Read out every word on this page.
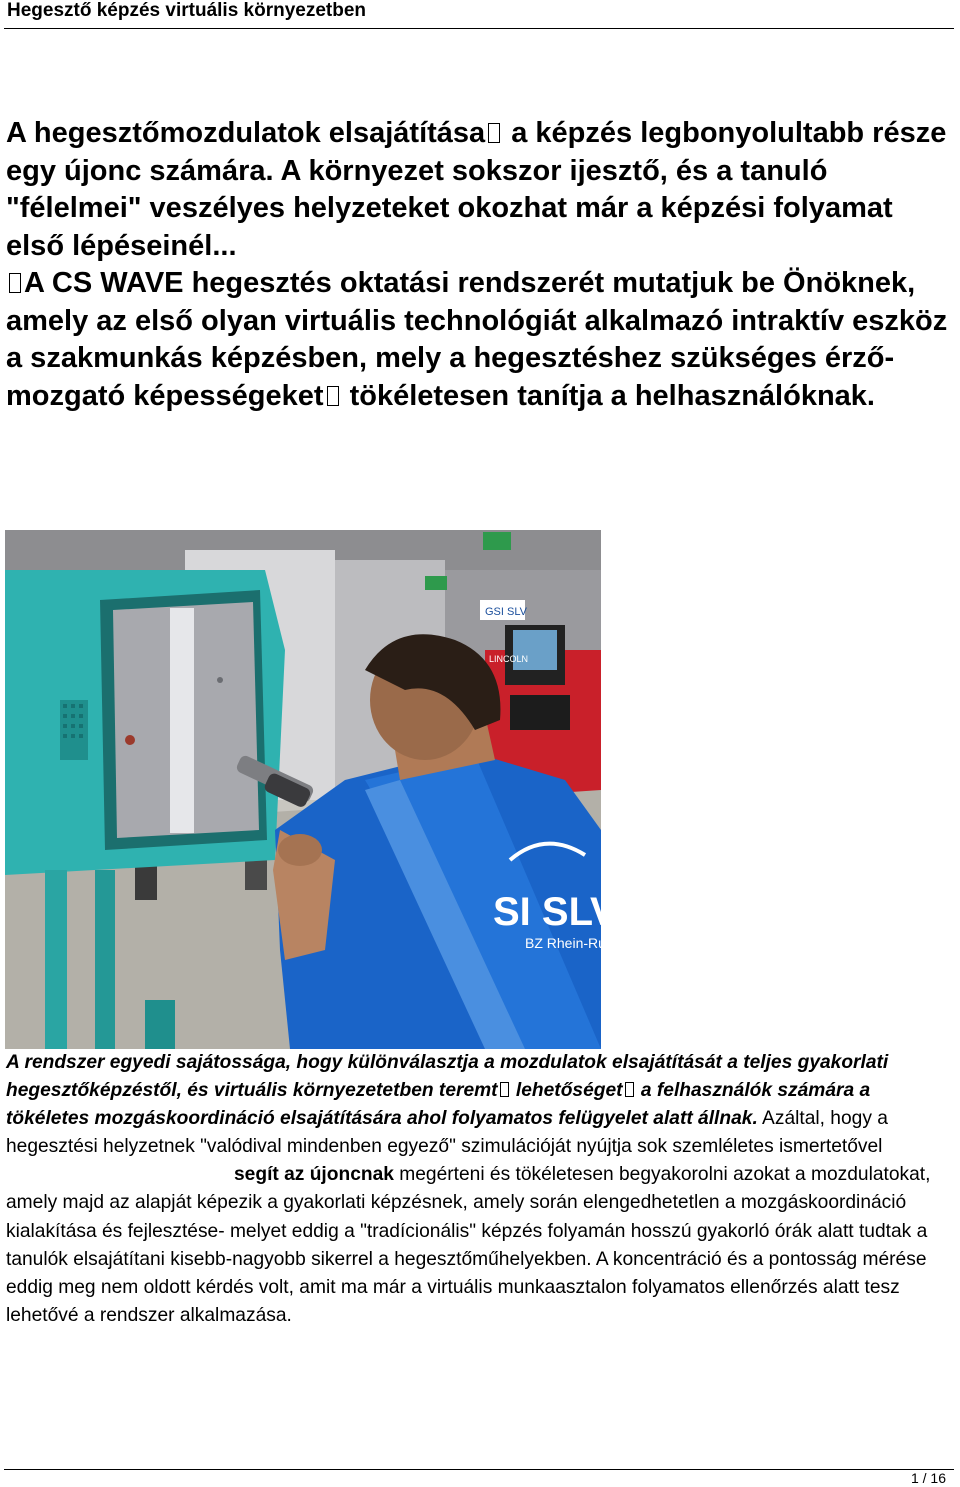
Hegesztő képzés virtuális környezetben

A hegesztőmozdulatok elsajátítása a képzés legbonyolultabb része egy újonc számára. A környezet sokszor ijesztő, és a tanuló "félelmei" veszélyes helyzeteket okozhat már a képzési folyamat első lépéseinél...

A CS WAVE hegesztés oktatási rendszerét mutatjuk be Önöknek, amely az első olyan virtuális technológiát alkalmazó intraktív eszköz a szakmunkás képzésben, mely a hegesztéshez szükséges érző-mozgató képességeket tökéletesen tanítja a helhasználóknak.

GSI SLV
LINCOLN
SI SLV
BZ Rhein-Ruhr

A rendszer egyedi sajátossága, hogy különválasztja a mozdulatok elsajátítását a teljes gyakorlati hegesztőképzéstől, és virtuális környezetetben teremt lehetőséget a felhasználók számára a tökéletes mozgáskoordináció elsajátítására ahol folyamatos felügyelet alatt állnak. Azáltal, hogy a hegesztési helyzetnek "valódival mindenben egyező" szimulációját nyújtja sok szemléletes ismertetővelsegít az újoncnak megérteni és tökéletesen begyakorolni azokat a mozdulatokat, amely majd az alapját képezik a gyakorlati képzésnek, amely során elengedhetetlen a mozgáskoordináció kialakítása és fejlesztése- melyet eddig a "tradícionális" képzés folyamán hosszú gyakorló órák alatt tudtak a tanulók elsajátítani kisebb-nagyobb sikerrel a hegesztőműhelyekben. A koncentráció és a pontosság mérése eddig meg nem oldott kérdés volt, amit ma már a virtuális munkaasztalon folyamatos ellenőrzés alatt tesz lehetővé a rendszer alkalmazása.

1 / 16
